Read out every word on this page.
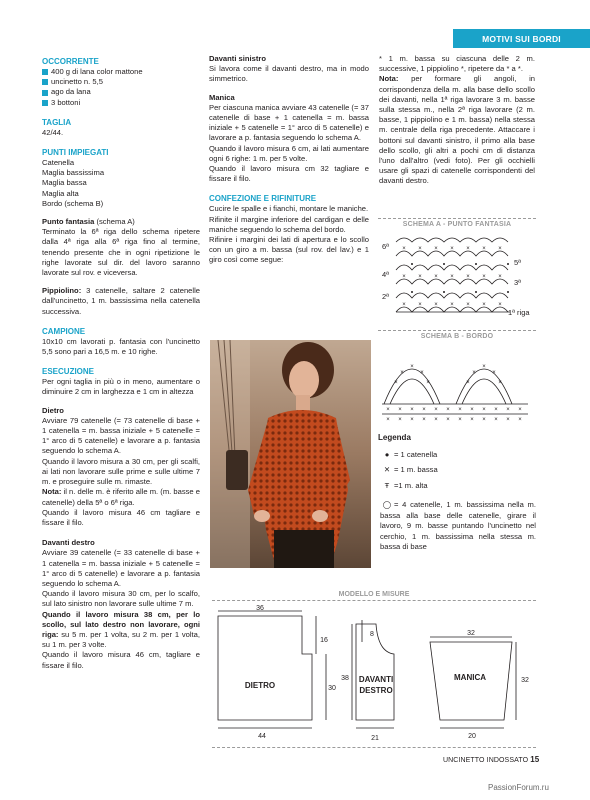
MOTIVI SUI BORDI
OCCORRENTE
400 g di lana color mattone
uncinetto n. 5,5
ago da lana
3 bottoni
TAGLIA
42/44.
PUNTI IMPIEGATI
Catenella
Maglia bassissima
Maglia bassa
Maglia alta
Bordo (schema B)
Punto fantasia (schema A)
Terminato la 6ª riga dello schema ripetere dalla 4ª riga alla 6ª riga fino al termine, tenendo presente che in ogni ripetizione le righe lavorate sul dir. del lavoro saranno lavorate sul rov. e viceversa.
Pippiolino: 3 catenelle, saltare 2 catenelle dall'uncinetto, 1 m. bassissima nella catenella successiva.
CAMPIONE
10x10 cm lavorati p. fantasia con l'uncinetto 5,5 sono pari a 16,5 m. e 10 righe.
ESECUZIONE
Per ogni taglia in più o in meno, aumentare o diminuire 2 cm in larghezza e 1 cm in altezza
Dietro
Avviare 79 catenelle (= 73 catenelle di base + 1 catenella = m. bassa iniziale + 5 catenelle = 1° arco di 5 catenelle) e lavorare a p. fantasia seguendo lo schema A.
Quando il lavoro misura a 30 cm, per gli scalfi, ai lati non lavorare sulle prime e sulle ultime 7 m. e proseguire sulle m. rimaste.
Nota: il n. delle m. è riferito alle m. (m. basse e catenelle) della 5ª o 6ª riga.
Quando il lavoro misura 46 cm tagliare e fissare il filo.
Davanti destro
Avviare 39 catenelle (= 33 catenelle di base + 1 catenella = m. bassa iniziale + 5 catenelle = 1° arco di 5 catenelle) e lavorare a p. fantasia seguendo lo schema A.
Quando il lavoro misura 30 cm, per lo scalfo, sul lato sinistro non lavorare sulle ultime 7 m.
Quando il lavoro misura 38 cm, per lo scollo, sul lato destro non lavorare, ogni riga: su 5 m. per 1 volta, su 2 m. per 1 volta, su 1 m. per 3 volte.
Quando il lavoro misura 46 cm, tagliare e fissare il filo.
Davanti sinistro
Si lavora come il davanti destro, ma in modo simmetrico.
Manica
Per ciascuna manica avviare 43 catenelle (= 37 catenelle di base + 1 catenella = m. bassa iniziale + 5 catenelle = 1° arco di 5 catenelle) e lavorare a p. fantasia seguendo lo schema A.
Quando il lavoro misura 6 cm, ai lati aumentare ogni 6 righe: 1 m. per 5 volte.
Quando il lavoro misura cm 32 tagliare e fissare il filo.
CONFEZIONE E RIFINITURE
Cucire le spalle e i fianchi, montare le maniche.
Rifinite il margine inferiore del cardigan e delle maniche seguendo lo schema del bordo.
Rifinire i margini dei lati di apertura e lo scollo con un giro a m. bassa (sul rov. del lav.) e 1 giro così come segue:
* 1 m. bassa su ciascuna delle 2 m. successive, 1 pippiolino *, ripetere da * a *.
Nota: per formare gli angoli, in corrispondenza della m. alla base dello scollo dei davanti, nella 1ª riga lavorare 3 m. basse sulla stessa m., nella 2ª riga lavorare (2 m. basse, 1 pippiolino e 1 m. bassa) nella stessa m. centrale della riga precedente. Attaccare i bottoni sul davanti sinistro, il primo alla base dello scollo, gli altri a pochi cm di distanza l'uno dall'altro (vedi foto). Per gli occhielli usare gli spazi di catenelle corrispondenti del davanti destro.
SCHEMA A - PUNTO FANTASIA
× × × × × × ×
× × × × × × ×
× × × × × × ×
6ª
4ª
2ª
5ª
3ª
1ª riga
SCHEMA B - BORDO
× × × × × × × × × × × ×
× × × × × × × × × × × ×
×
×	×
×	×
×
×	×
×	×
Legenda
● = 1 catenella
✕ = 1 m. bassa
Ŧ =1 m. alta
◯ = 4 catenelle, 1 m. bassissima nella m. bassa alla base delle catenelle, girare il lavoro, 9 m. basse puntando l'uncinetto nel cerchio, 1 m. bassissima nella stessa m. bassa di base
MODELLO E MISURE
36
16
30
44
8
38
21
32
32
20
DIETRO
DAVANTI
DESTRO
MANICA
UNCINETTO INDOSSATO 15
PassionForum.ru
